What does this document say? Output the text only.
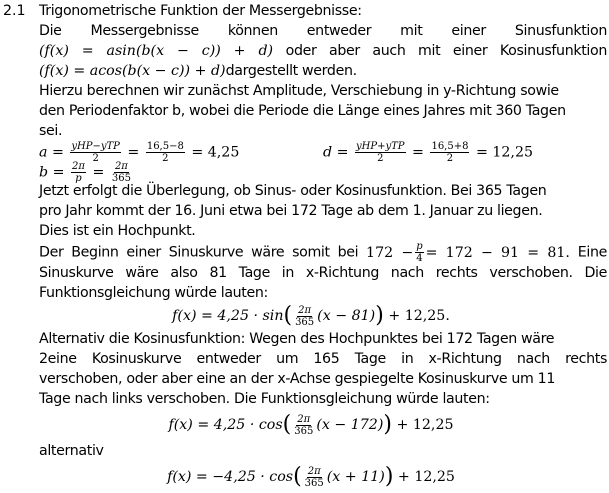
2.1 Trigonometrische Funktion der Messergebnisse:
Die Messergebnisse können entweder mit einer Sinusfunktion
(f(x) = asin(b(x − c)) + d) oder aber auch mit einer Kosinusfunktion
(f(x) = acos(b(x − c)) + d)dargestellt werden.
Hierzu berechnen wir zunächst Amplitude, Verschiebung in y-Richtung sowie
den Periodenfaktor b, wobei die Periode die Länge eines Jahres mit 360 Tagen
sei.
$a = \frac{\text{yHP−yTP}}{2} = \frac{16,5-8}{2} = 4,25$	$d = \frac{\text{yHP+yTP}}{2} = \frac{16,5+8}{2} = 12,25$
$b = \frac{2\pi}{p} = \frac{2\pi}{365}$
Jetzt erfolgt die Überlegung, ob Sinus- oder Kosinusfunktion. Bei 365 Tagen
pro Jahr kommt der 16. Juni etwa bei 172 Tage ab dem 1. Januar zu liegen.
Dies ist ein Hochpunkt.
Der Beginn einer Sinuskurve wäre somit bei $172 - \frac{p}{4} = 172 - 91 = 81$. Eine
Sinuskurve wäre also 81 Tage in x-Richtung nach rechts verschoben. Die
Funktionsgleichung würde lauten:
$f(x) = 4,25 \cdot \sin( \frac{2\pi}{365} (x - 81)) + 12,25$.
Alternativ die Kosinusfunktion: Wegen des Hochpunktes bei 172 Tagen wäre
2eine Kosinuskurve entweder um 165 Tage in x-Richtung nach rechts
verschoben, oder aber eine an der x-Achse gespiegelte Kosinuskurve um 11
Tage nach links verschoben. Die Funktionsgleichung würde lauten:
$f(x) = 4,25 \cdot \cos( \frac{2\pi}{365} (x - 172)) + 12,25$
alternativ
$f(x) = -4,25 \cdot \cos( \frac{2\pi}{365} (x + 11)) + 12,25$
